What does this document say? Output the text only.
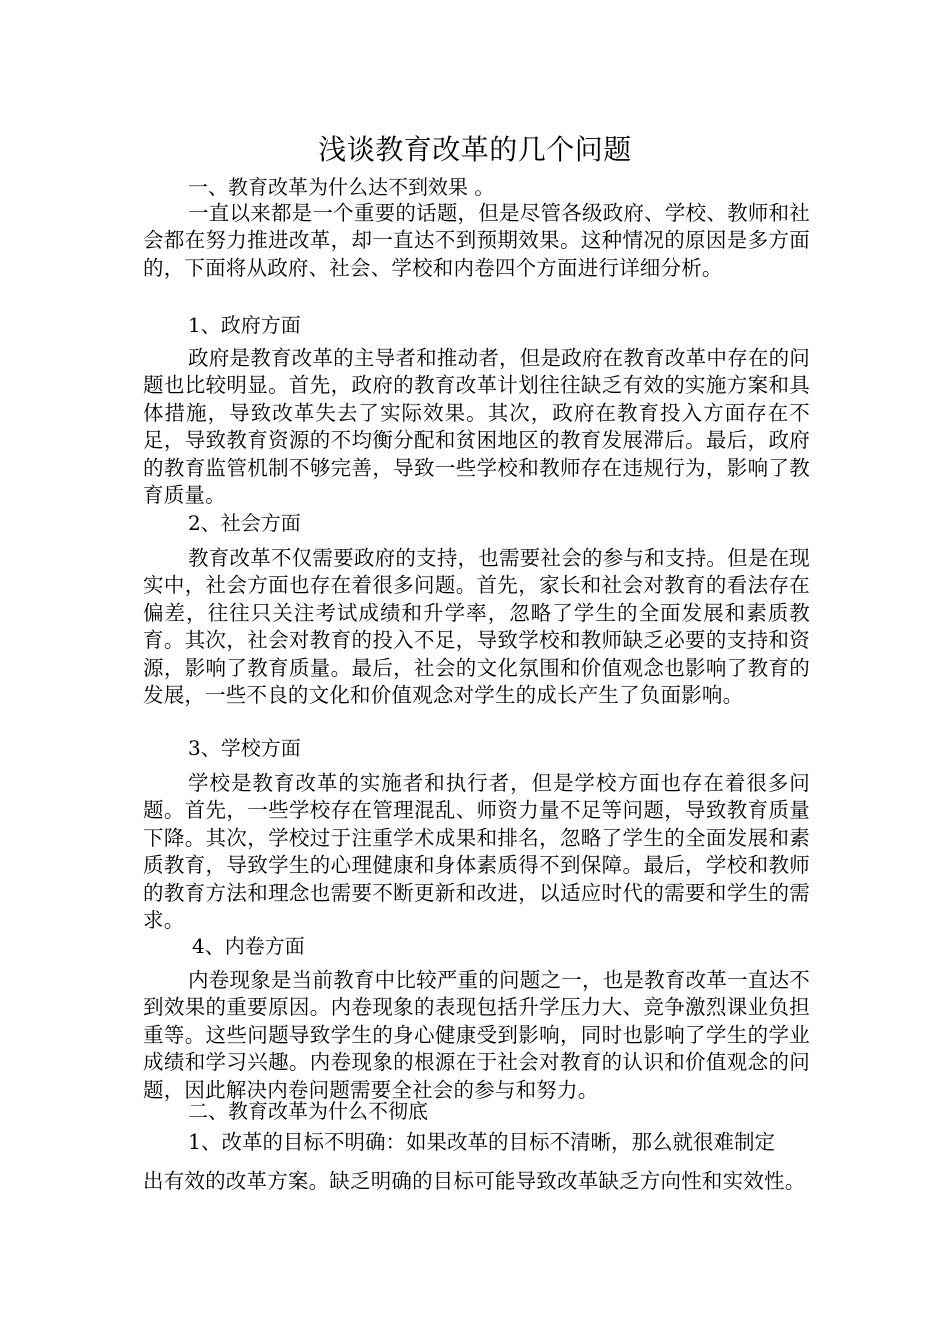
浅谈教育改革的几个问题
一、教育改革为什么达不到效果 。
一直以来都是一个重要的话题，但是尽管各级政府、学校、教师和社会都在努力推进改革，却一直达不到预期效果。这种情况的原因是多方面的，下面将从政府、社会、学校和内卷四个方面进行详细分析。
1、政府方面
政府是教育改革的主导者和推动者，但是政府在教育改革中存在的问题也比较明显。首先，政府的教育改革计划往往缺乏有效的实施方案和具体措施，导致改革失去了实际效果。其次，政府在教育投入方面存在不足，导致教育资源的不均衡分配和贫困地区的教育发展滞后。最后，政府的教育监管机制不够完善，导致一些学校和教师存在违规行为，影响了教育质量。
2、社会方面
教育改革不仅需要政府的支持，也需要社会的参与和支持。但是在现实中，社会方面也存在着很多问题。首先，家长和社会对教育的看法存在偏差，往往只关注考试成绩和升学率，忽略了学生的全面发展和素质教育。其次，社会对教育的投入不足，导致学校和教师缺乏必要的支持和资源，影响了教育质量。最后，社会的文化氛围和价值观念也影响了教育的发展，一些不良的文化和价值观念对学生的成长产生了负面影响。
3、学校方面
学校是教育改革的实施者和执行者，但是学校方面也存在着很多问题。首先，一些学校存在管理混乱、师资力量不足等问题，导致教育质量下降。其次，学校过于注重学术成果和排名，忽略了学生的全面发展和素质教育，导致学生的心理健康和身体素质得不到保障。最后，学校和教师的教育方法和理念也需要不断更新和改进，以适应时代的需要和学生的需求。
4、内卷方面
内卷现象是当前教育中比较严重的问题之一，也是教育改革一直达不到效果的重要原因。内卷现象的表现包括升学压力大、竞争激烈课业负担重等。这些问题导致学生的身心健康受到影响，同时也影响了学生的学业成绩和学习兴趣。内卷现象的根源在于社会对教育的认识和价值观念的问题，因此解决内卷问题需要全社会的参与和努力。
二、教育改革为什么不彻底
1、改革的目标不明确：如果改革的目标不清晰，那么就很难制定
出有效的改革方案。缺乏明确的目标可能导致改革缺乏方向性和实效性。
